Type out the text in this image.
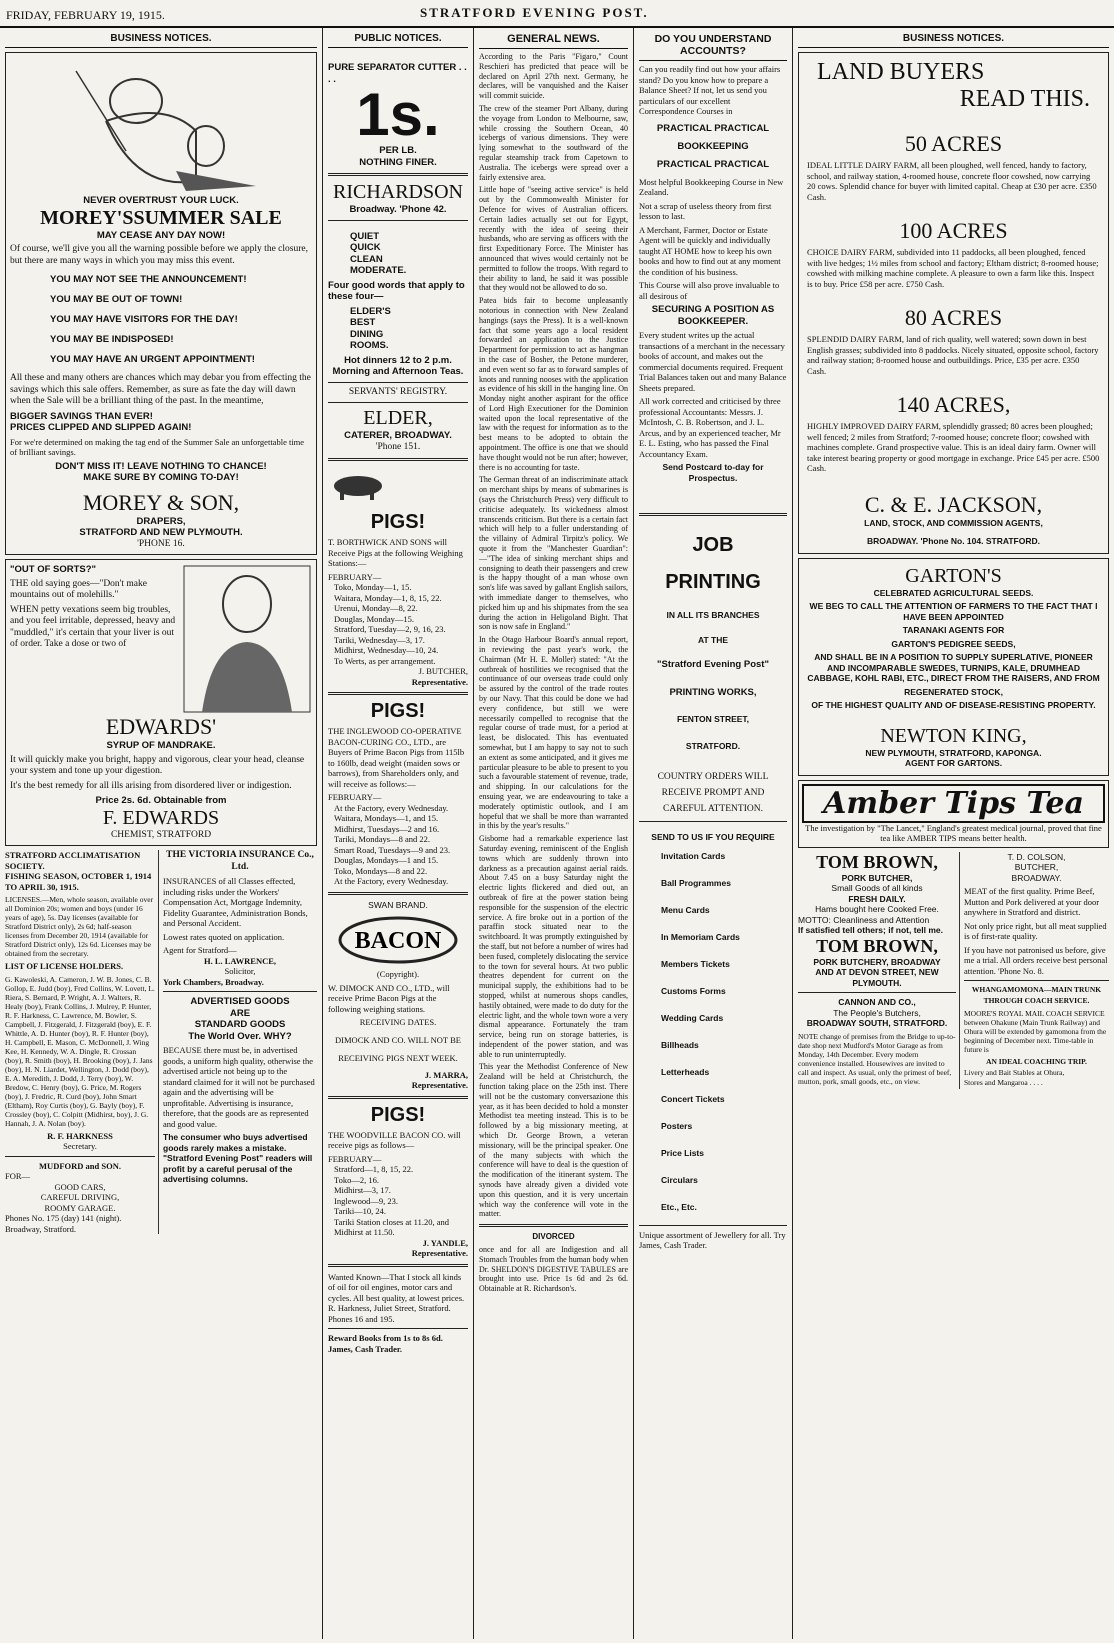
FRIDAY, FEBRUARY 19, 1915.	STRATFORD EVENING POST.
BUSINESS NOTICES.
NEVER OVERTRUST YOUR LUCK.
MOREY'SSUMMER SALE
MAY CEASE ANY DAY NOW!

Of course, we'll give you all the warning possible before we apply the closure, but there are many ways in which you may miss this event.

YOU MAY NOT SEE THE ANNOUNCEMENT!
YOU MAY BE OUT OF TOWN!
YOU MAY HAVE VISITORS FOR THE DAY!
YOU MAY BE INDISPOSED!
YOU MAY HAVE AN URGENT APPOINTMENT!

All these and many others are chances which may debar you from effecting the savings which this sale offers. Remember, as sure as fate the day will dawn when the Sale will be a brilliant thing of the past. In the meantime,

BIGGER SAVINGS THAN EVER!
PRICES CLIPPED AND SLIPPED AGAIN!

For we're determined on making the tag end of the Summer Sale an unforgettable time of brilliant savings.

DON'T MISS IT! LEAVE NOTHING TO CHANCE!
MAKE SURE BY COMING TO-DAY!
MOREY & SON,
DRAPERS,
STRATFORD AND NEW PLYMOUTH.
'PHONE 16.
"OUT OF SORTS?"

THE old saying goes—"Don't make mountains out of molehills."

WHEN petty vexations seem big troubles, and you feel irritable, depressed, heavy and "muddled," it's certain that your liver is out of order. Take a dose or two of

EDWARDS'
SYRUP OF MANDRAKE.

It will quickly make you bright, happy and vigorous, clear your head, cleanse your system and tone up your digestion.

It's the best remedy for all ills arising from disordered liver or indigestion.

Price 2s. 6d. Obtainable from
F. EDWARDS
CHEMIST, STRATFORD
STRATFORD ACCLIMATISATION SOCIETY.
FISHING SEASON, OCTOBER 1, 1914 TO APRIL 30, 1915.

LICENSES.—Men, whole season, available over all Dominion 20s; women and boys (under 16 years of age), 5s. Day licenses (available for Stratford District only), 2s 6d; half-season licenses from December 20, 1914 (available for Stratford District only), 12s 6d. Licenses may be obtained from the secretary.

LIST OF LICENSE HOLDERS.

G. Kawoleski, A. Cameron, J. W. B. Jones, C. B. Gollop, E. Judd (boy), Fred Collins, W. Lovett, L. Riera, S. Bernard, P. Wright, A. J. Walters, R. Healy (boy), Frank Collins, J. Mulrey, P. Hunter, R. F. Harkness, C. Lawrence, M. Bowler, S. Campbell, J. Fitzgerald, J. Fitzgerald (boy), E. F. Whittle, A. D. Hunter (boy), R. F. Hunter (boy), H. Campbell, E. Mason, C. McDonnell, J. Wing Kee, H. Kennedy, W. A. Dingle, R. Crossan (boy), R. Smith (boy), H. Brooking (boy), J. Jans (boy), H. N. Liardet, Wellington, J. Dodd (boy), E. A. Meredith, J. Dodd, J. Terry (boy), W. Bredow, C. Henry (boy), G. Price, M. Rogers (boy), J. Fredric, R. Curd (boy), John Smart (Eltham), Roy Curtis (boy), G. Bayly (boy), F. Crossley (boy), C. Colpitt (Midhirst, boy), J. G. Hannah, J. A. Nolan (boy).

R. F. HARKNESS
Secretary.
MUDFORD and SON.
FOR—
GOOD CARS,
CAREFUL DRIVING,
ROOMY GARAGE.
Phones No. 175 (day) 141 (night).
Broadway, Stratford.
THE VICTORIA INSURANCE Co., Ltd.

INSURANCES of all Classes effected, including risks under the Workers' Compensation Act, Mortgage Indemnity, Fidelity Guarantee, Administration Bonds, and Personal Accident.

Lowest rates quoted on application.

Agent for Stratford—
H. L. LAWRENCE,
Solicitor,
York Chambers, Broadway.
ADVERTISED GOODS
ARE
STANDARD GOODS
The World Over. WHY?

BECAUSE there must be, in advertised goods, a uniform high quality, otherwise the advertised article not being up to the standard claimed for it will not be purchased again and the advertising will be unprofitable. Advertising is insurance, therefore, that the goods are as represented and good value.

The consumer who buys advertised goods rarely makes a mistake. "Stratford Evening Post" readers will profit by a careful perusal of the advertising columns.

PUBLIC NOTICES.
PURE SEPARATOR CUTTER . . . .
1s.
PER LB.
NOTHING FINER.
RICHARDSON
Broadway. 'Phone 42.
QUIET
QUICK
CLEAN
MODERATE.

Four good words that apply to these four—

ELDER'S
BEST
DINING
ROOMS.

Hot dinners 12 to 2 p.m. Morning and Afternoon Teas.

SERVANTS' REGISTRY.
ELDER,
CATERER, BROADWAY.
'Phone 151.
PIGS!

T. BORTHWICK AND SONS will Receive Pigs at the following Weighing Stations:—

FEBRUARY—
Toko, Monday—1, 15.
Waitara, Monday—1, 8, 15, 22.
Urenui, Monday—8, 22.
Douglas, Monday—15.
Stratford, Tuesday—2, 9, 16, 23.
Tariki, Wednesday—3, 17.
Midhirst, Wednesday—10, 24.
To Werts, as per arrangement.
J. BUTCHER,
Representative.
PIGS!

THE INGLEWOOD CO-OPERATIVE BACON-CURING CO., LTD., are Buyers of Prime Bacon Pigs from 115lb to 160lb, dead weight (maiden sows or barrows), from Shareholders only, and will receive as follows:—

FEBRUARY—
At the Factory, every Wednesday.
Waitara, Mondays—1, and 15.
Midhirst, Tuesdays—2 and 16.
Tariki, Mondays—8 and 22.
Smart Road, Tuesdays—9 and 23.
Douglas, Mondays—1 and 15.
Toko, Mondays—8 and 22.
At the Factory, every Wednesday.
SWAN BRAND.
BACON
(Copyright).

W. DIMOCK AND CO., LTD., will receive Prime Bacon Pigs at the following weighing stations.

RECEIVING DATES.

DIMOCK AND CO. WILL NOT BE RECEIVING PIGS NEXT WEEK.

J. MARRA,
Representative.
PIGS!

THE WOODVILLE BACON CO. will receive pigs as follows—

FEBRUARY—
Stratford—1, 8, 15, 22.
Toko—2, 16.
Midhirst—3, 17.
Inglewood—9, 23.
Tariki—10, 24.
Tariki Station closes at 11.20, and Midhirst at 11.50.
J. YANDLE,
Representative.

Wanted Known—That I stock all kinds of oil for oil engines, motor cars and cycles. All best quality, at lowest prices. R. Harkness, Juliet Street, Stratford. Phones 16 and 195.

Reward Books from 1s to 8s 6d. James, Cash Trader.

GENERAL NEWS.

According to the Paris "Figaro," Count Reschieri has predicted that peace will be declared on April 27th next. Germany, he declares, will be vanquished and the Kaiser will commit suicide.

The crew of the steamer Port Albany, during the voyage from London to Melbourne, saw, while crossing the Southern Ocean, 40 icebergs of various dimensions. They were lying somewhat to the southward of the regular steamship track from Capetown to Australia. The icebergs were spread over a fairly extensive area.

Little hope of "seeing active service" is held out by the Commonwealth Minister for Defence for wives of Australian officers. Certain ladies actually set out for Egypt, recently with the idea of seeing their husbands, who are serving as officers with the first Expeditionary Force. The Minister has announced that wives would certainly not be permitted to follow the troops. With regard to their ability to land, he said it was possible that they would not be allowed to do so.

Patea bids fair to become unpleasantly notorious in connection with New Zealand hangings (says the Press). It is a well-known fact that some years ago a local resident forwarded an application to the Justice Department for permission to act as hangman in the case of Bosher, the Petone murderer, and even went so far as to forward samples of knots and running nooses with the application as evidence of his skill in the hanging line. On Monday night another aspirant for the office of Lord High Executioner for the Dominion waited upon the local representative of the law with the request for information as to the best means to be adopted to obtain the appointment. The office is one that we should have thought would not be run after; however, there is no accounting for taste.

The German threat of an indiscriminate attack on merchant ships by means of submarines is (says the Christchurch Press) very difficult to criticise adequately. Its wickedness almost transcends criticism. But there is a certain fact which will help to a fuller understanding of the villainy of Admiral Tirpitz's policy. We quote it from the "Manchester Guardian":—"The idea of sinking merchant ships and consigning to death their passengers and crew is the happy thought of a man whose own son's life was saved by gallant English sailors, with immediate danger to themselves, who picked him up and his shipmates from the sea during the action in Heligoland Bight. That son is now safe in England."

In the Otago Harbour Board's annual report, in reviewing the past year's work, the Chairman (Mr H. E. Moller) stated: "At the outbreak of hostilities we recognised that the continuance of our overseas trade could only be assured by the control of the trade routes by our Navy. That this could be done we had every confidence, but still we were necessarily compelled to recognise that the regular course of trade must, for a period at least, be dislocated. This has eventuated somewhat, but I am happy to say not to such an extent as some anticipated, and it gives me particular pleasure to be able to present to you such a favourable statement of revenue, trade, and shipping. In our calculations for the ensuing year, we are endeavouring to take a moderately optimistic outlook, and I am hopeful that we shall be more than warranted in this by the year's results."

Gisborne had a remarkable experience last Saturday evening, reminiscent of the English towns which are suddenly thrown into darkness as a precaution against aerial raids. About 7.45 on a busy Saturday night the electric lights flickered and died out, an outbreak of fire at the power station being responsible for the suspension of the electric service. A fire broke out in a portion of the paraffin stock situated near to the switchboard. It was promptly extinguished by the staff, but not before a number of wires had been fused, completely dislocating the service to the town for several hours. At two public theatres dependent for current on the municipal supply, the exhibitions had to be stopped, whilst at numerous shops candles, hastily obtained, were made to do duty for the electric light, and the whole town wore a very dismal appearance. Fortunately the tram service, being run on storage batteries, is independent of the power station, and was able to run uninterruptedly.

This year the Methodist Conference of New Zealand will be held at Christchurch, the function taking place on the 25th inst. There will not be the customary conversazione this year, as it has been decided to hold a monster Methodist tea meeting instead. This is to be followed by a big missionary meeting, at which Dr. George Brown, a veteran missionary, will be the principal speaker. One of the many subjects with which the conference will have to deal is the question of the modification of the itinerant system. The synods have already given a divided vote upon this question, and it is very uncertain which way the conference will vote in the matter.

DIVORCED

once and for all are Indigestion and all Stomach Troubles from the human body when Dr. SHELDON'S DIGESTIVE TABULES are brought into use. Price 1s 6d and 2s 6d. Obtainable at R. Richardson's.

DO YOU UNDERSTAND ACCOUNTS?

Can you readily find out how your affairs stand? Do you know how to prepare a Balance Sheet? If not, let us send you particulars of our excellent Correspondence Courses in

PRACTICAL PRACTICAL
BOOKKEEPING
PRACTICAL PRACTICAL

Most helpful Bookkeeping Course in New Zealand.

Not a scrap of useless theory from first lesson to last.

A Merchant, Farmer, Doctor or Estate Agent will be quickly and individually taught AT HOME how to keep his own books and how to find out at any moment the condition of his business.

This Course will also prove invaluable to all desirous of

SECURING A POSITION AS BOOKKEEPER.

Every student writes up the actual transactions of a merchant in the necessary books of account, and makes out the commercial documents required. Frequent Trial Balances taken out and many Balance Sheets prepared.

All work corrected and criticised by three professional Accountants: Messrs. J. McIntosh, C. B. Robertson, and J. L. Arcus, and by an experienced teacher, Mr E. L. Esting, who has passed the Final Accountancy Exam.

Send Postcard to-day for Prospectus.
JOB
PRINTING
IN ALL ITS BRANCHES
AT THE
"Stratford Evening Post"
PRINTING WORKS,
FENTON STREET,
STRATFORD.

COUNTRY ORDERS WILL RECEIVE PROMPT AND CAREFUL ATTENTION.

SEND TO US IF YOU REQUIRE
Invitation Cards
Ball Programmes
Menu Cards
In Memoriam Cards
Members Tickets
Customs Forms
Wedding Cards
Billheads
Letterheads
Concert Tickets
Posters
Price Lists
Circulars
Etc., Etc.

Unique assortment of Jewellery for all. Try James, Cash Trader.

BUSINESS NOTICES.
LAND BUYERS
READ THIS.
50 ACRES

IDEAL LITTLE DAIRY FARM, all been ploughed, well fenced, handy to factory, school, and railway station, 4-roomed house, concrete floor cowshed, now carrying 20 cows. Splendid chance for buyer with limited capital. Cheap at £30 per acre. £350 Cash.

100 ACRES

CHOICE DAIRY FARM, subdivided into 11 paddocks, all been ploughed, fenced with live hedges; 1½ miles from school and factory; Eltham district; 8-roomed house; cowshed with milking machine complete. A pleasure to own a farm like this. Inspect is to buy. Price £58 per acre. £750 Cash.

80 ACRES

SPLENDID DAIRY FARM, land of rich quality, well watered; sown down in best English grasses; subdivided into 8 paddocks. Nicely situated, opposite school, factory and railway station; 8-roomed house and outbuildings. Price, £35 per acre. £350 Cash.

140 ACRES,

HIGHLY IMPROVED DAIRY FARM, splendidly grassed; 80 acres been ploughed; well fenced; 2 miles from Stratford; 7-roomed house; concrete floor; cowshed with machines complete. Grand prospective value. This is an ideal dairy farm. Owner will take interest bearing property or good mortgage in exchange. Price £45 per acre. £500 Cash.

C. & E. JACKSON,
LAND, STOCK, AND COMMISSION AGENTS,
BROADWAY. 'Phone No. 104. STRATFORD.
GARTON'S
CELEBRATED AGRICULTURAL SEEDS.

WE BEG TO CALL THE ATTENTION OF FARMERS TO THE FACT THAT I HAVE BEEN APPOINTED

TARANAKI AGENTS FOR

GARTON'S PEDIGREE SEEDS,

AND SHALL BE IN A POSITION TO SUPPLY SUPERLATIVE, PIONEER AND INCOMPARABLE SWEDES, TURNIPS, KALE, DRUMHEAD CABBAGE, KOHL RABI, ETC., DIRECT FROM THE RAISERS, AND FROM

REGENERATED STOCK,

OF THE HIGHEST QUALITY AND OF DISEASE-RESISTING PROPERTY.

NEWTON KING,
NEW PLYMOUTH, STRATFORD, KAPONGA.
AGENT FOR GARTONS.
Amber Tips Tea
The investigation by "The Lancet," England's greatest medical journal, proved that fine tea like AMBER TIPS means better health.
TOM BROWN,
PORK BUTCHER,
Small Goods of all kinds
FRESH DAILY.
Hams bought here Cooked Free.
MOTTO: Cleanliness and Attention
If satisfied tell others; if not, tell me.
TOM BROWN,
PORK BUTCHERY, BROADWAY
AND AT DEVON STREET, NEW PLYMOUTH.
CANNON AND CO.,
The People's Butchers,
BROADWAY SOUTH, STRATFORD.

NOTE change of premises from the Bridge to up-to-date shop next Mudford's Motor Garage as from Monday, 14th December. Every modern convenience installed. Housewives are invited to call and inspect. As usual, only the primest of beef, mutton, pork, small goods, etc., on view.

T. D. COLSON,
BUTCHER,
BROADWAY.

MEAT of the first quality. Prime Beef, Mutton and Pork delivered at your door anywhere in Stratford and district.

Not only price right, but all meat supplied is of first-rate quality.

If you have not patronised us before, give me a trial. All orders receive best personal attention. 'Phone No. 8.

WHANGAMOMONA—MAIN TRUNK THROUGH COACH SERVICE.

MOORE'S ROYAL MAIL COACH SERVICE between Ohakune (Main Trunk Railway) and Ohura will be extended by gamomona from the beginning of December next. Time-table in future is

AN IDEAL COACHING TRIP.
Livery and Bait Stables at Ohura,
Stores and Mangaroa . . . .
